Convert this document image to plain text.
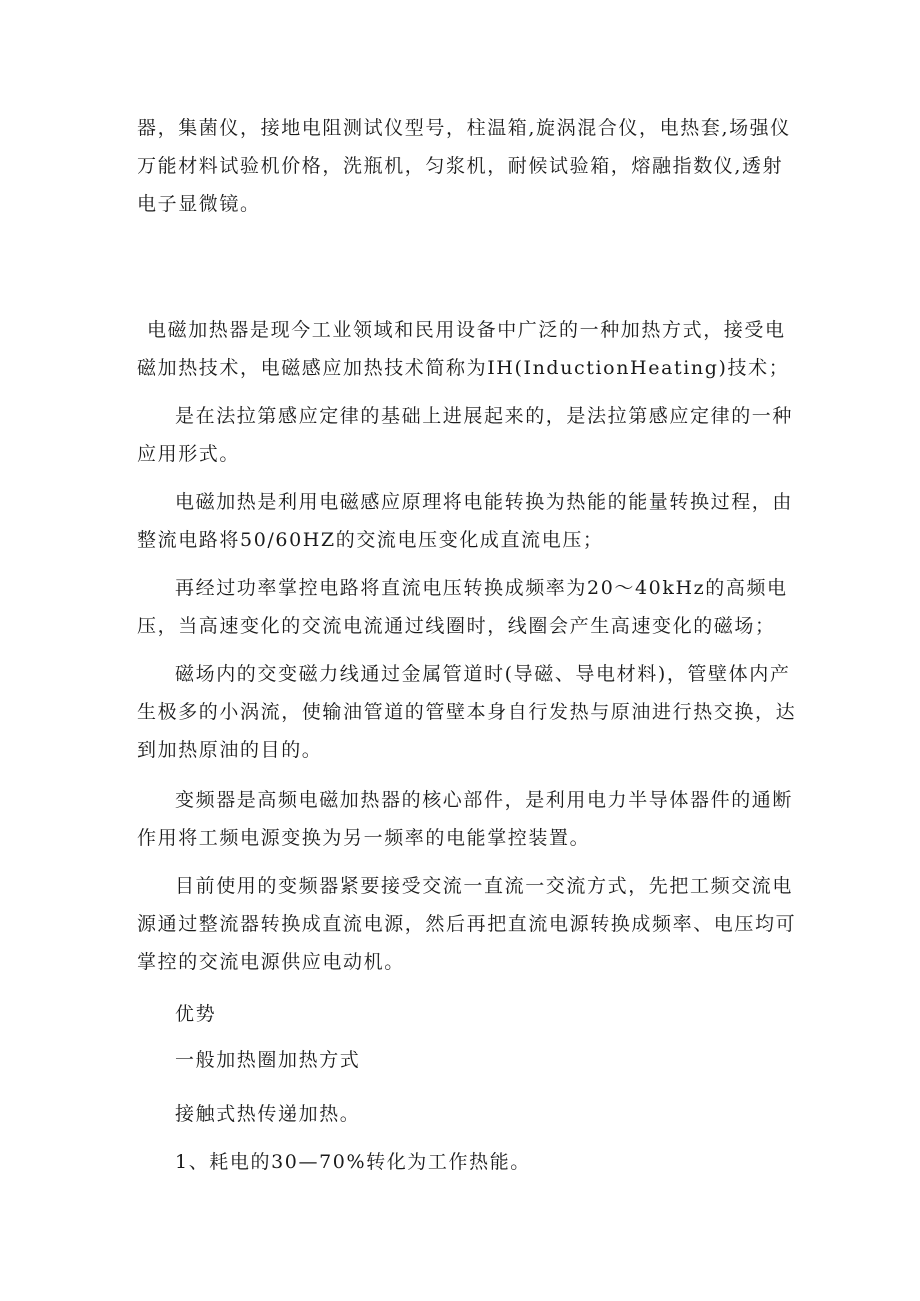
器，集菌仪，接地电阻测试仪型号，柱温箱,旋涡混合仪，电热套,场强仪万能材料试验机价格，洗瓶机，匀浆机，耐候试验箱，熔融指数仪,透射电子显微镜。

电磁加热器是现今工业领域和民用设备中广泛的一种加热方式，接受电磁加热技术，电磁感应加热技术简称为IH(InductionHeating)技术；

是在法拉第感应定律的基础上进展起来的，是法拉第感应定律的一种应用形式。

电磁加热是利用电磁感应原理将电能转换为热能的能量转换过程，由整流电路将50/60HZ的交流电压变化成直流电压；

再经过功率掌控电路将直流电压转换成频率为20～40kHz的高频电压，当高速变化的交流电流通过线圈时，线圈会产生高速变化的磁场；

磁场内的交变磁力线通过金属管道时(导磁、导电材料)，管壁体内产生极多的小涡流，使输油管道的管壁本身自行发热与原油进行热交换，达到加热原油的目的。

变频器是高频电磁加热器的核心部件，是利用电力半导体器件的通断作用将工频电源变换为另一频率的电能掌控装置。

目前使用的变频器紧要接受交流一直流一交流方式，先把工频交流电源通过整流器转换成直流电源，然后再把直流电源转换成频率、电压均可掌控的交流电源供应电动机。

优势

一般加热圈加热方式

接触式热传递加热。

1、耗电的30—70%转化为工作热能。
